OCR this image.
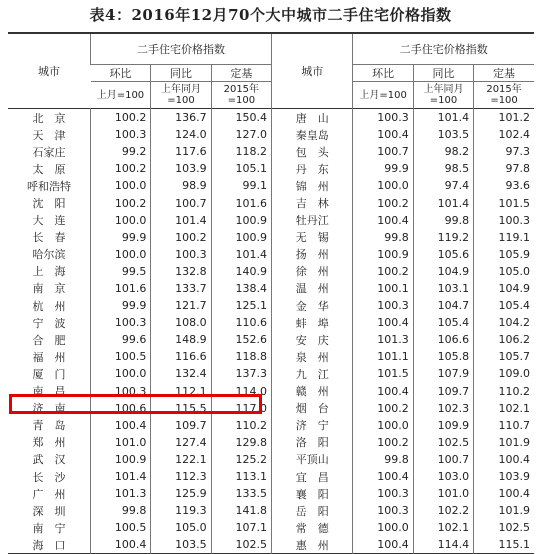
表4：2016年12月70个大中城市二手住宅价格指数
城市	二手住宅价格指数			城市	二手住宅价格指数		
	环比	同比	定基		环比	同比	定基
	上月=100	上年同月=100	2015年=100		上月=100	上年同月=100	2015年=100
北　京	100.2	136.7	150.4	唐　山	100.3	101.4	101.2
天　津	100.3	124.0	127.0	秦皇岛	100.4	103.5	102.4
石家庄	99.2	117.6	118.2	包　头	100.7	98.2	97.3
太　原	100.2	103.9	105.1	丹　东	99.9	98.5	97.8
呼和浩特	100.0	98.9	99.1	锦　州	100.0	97.4	93.6
沈　阳	100.2	100.7	101.6	吉　林	100.2	101.4	101.5
大　连	100.0	101.4	100.9	牡丹江	100.4	99.8	100.3
长　春	99.9	100.2	100.9	无　锡	99.8	119.2	119.1
哈尔滨	100.0	100.3	101.4	扬　州	100.9	105.6	105.9
上　海	99.5	132.8	140.9	徐　州	100.2	104.9	105.0
南　京	101.6	133.7	138.4	温　州	100.1	103.1	104.9
杭　州	99.9	121.7	125.1	金　华	100.3	104.7	105.4
宁　波	100.3	108.0	110.6	蚌　埠	100.4	105.4	104.2
合　肥	99.6	148.9	152.6	安　庆	101.3	106.6	106.2
福　州	100.5	116.6	118.8	泉　州	101.1	105.8	105.7
厦　门	100.0	132.4	137.3	九　江	101.5	107.9	109.0
南　昌	100.3	112.1	114.0	赣　州	100.4	109.7	110.2
济　南	100.6	115.5	117.0	烟　台	100.2	102.3	102.1
青　岛	100.4	109.7	110.2	济　宁	100.0	109.9	110.7
郑　州	101.0	127.4	129.8	洛　阳	100.2	102.5	101.9
武　汉	100.9	122.1	125.2	平顶山	99.8	100.7	100.4
长　沙	101.4	112.3	113.1	宜　昌	100.4	103.0	103.9
广　州	101.3	125.9	133.5	襄　阳	100.3	101.0	100.4
深　圳	99.8	119.3	141.8	岳　阳	100.3	102.2	101.9
南　宁	100.5	105.0	107.1	常　德	100.0	102.1	102.5
海　口	100.4	103.5	102.5	惠　州	100.4	114.4	115.1
